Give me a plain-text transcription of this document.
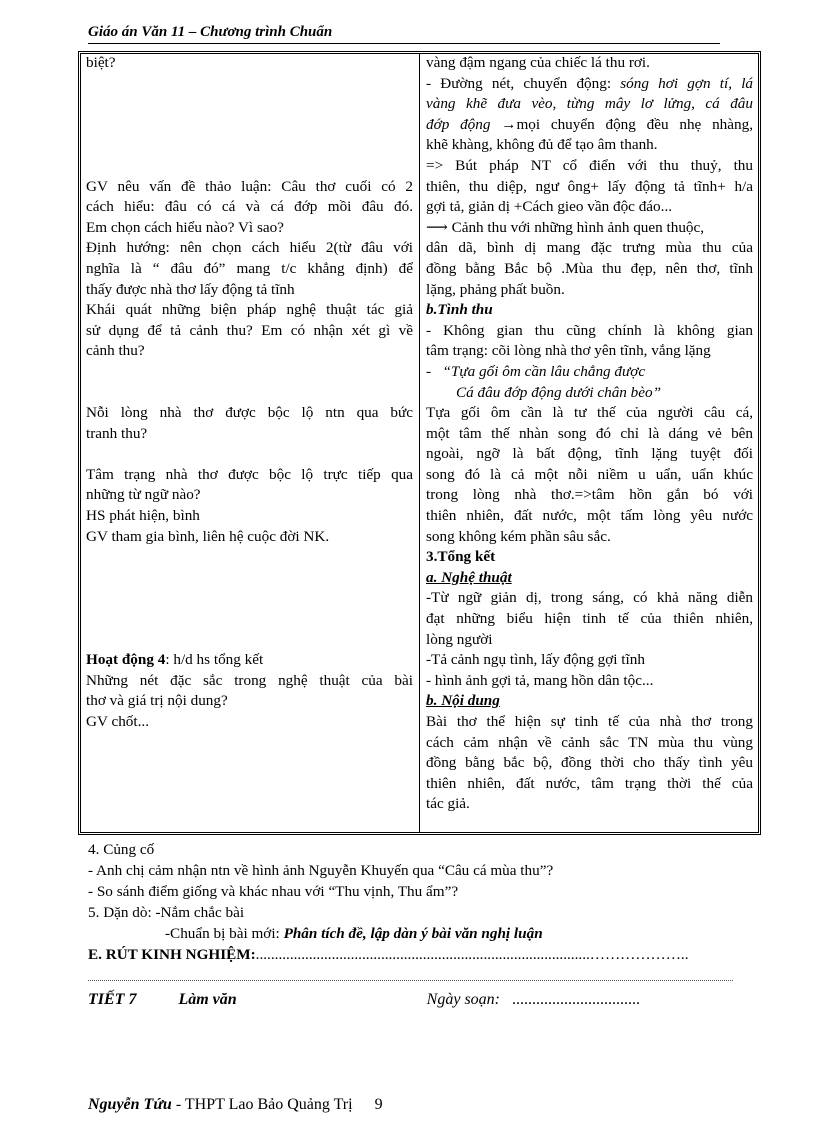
Giáo án Văn 11 – Chương trình Chuẩn
biệt?
GV nêu vấn đề thảo luận: Câu thơ cuối có 2
cách hiểu: đâu có cá và cá đớp mồi đâu đó.
Em chọn cách hiểu nào? Vì sao?
Định hướng: nên chọn cách hiểu 2(từ đâu với
nghĩa là “ đâu đó” mang t/c khẳng định) để
thấy được nhà thơ lấy động tả tĩnh
Khái quát những biện pháp nghệ thuật tác giả
sử dụng để tả cảnh thu? Em có nhận xét gì về
cảnh thu?
Nỗi lòng nhà thơ được bộc lộ ntn qua bức
tranh thu?
Tâm trạng nhà thơ được bộc lộ trực tiếp qua
những từ ngữ nào?
HS phát hiện, bình
GV tham gia bình, liên hệ cuộc đời NK.
Hoạt động 4: h/d hs tổng kết
Những nét đặc sắc trong nghệ thuật của bài
thơ và giá trị nội dung?
GV chốt...
vàng đậm ngang của chiếc lá thu rơi.
- Đường nét, chuyển động: sóng hơi gợn tí, lá
vàng khẽ đưa vèo, từng mây lơ lửng, cá đâu
đớp động →mọi chuyển động đều nhẹ nhàng,
khẽ khàng, không đủ để tạo âm thanh.
=> Bút pháp NT cổ điển với thu thuỷ, thu
thiên, thu diệp, ngư ông+ lấy động tả tĩnh+ h/a
gợi tả, giản dị +Cách gieo vần độc đáo...
⟶ Cảnh thu với những hình ảnh quen thuộc,
dân dã, bình dị mang đặc trưng mùa thu của
đồng bằng Bắc bộ .Mùa thu đẹp, nên thơ, tĩnh
lặng, phảng phất buồn.
b.Tình thu
- Không gian thu cũng chính là không gian
tâm trạng: cõi lòng nhà thơ yên tĩnh, vắng lặng
-   “Tựa gối ôm cần lâu chẳng được
Cá đâu đớp động dưới chân bèo”
Tựa gối ôm cần là tư thế của người câu cá,
một tâm thế nhàn song đó chỉ là dáng vẻ bên
ngoài, ngỡ là bất động, tĩnh lặng tuyệt đối
song đó là cả một nỗi niềm u uẩn, uẩn khúc
trong lòng nhà thơ.=>tâm hồn gắn bó với
thiên nhiên, đất nước, một tấm lòng yêu nước
song không kém phần sâu sắc.
3.Tổng kết
a. Nghệ thuật
-Từ ngữ giản dị, trong sáng, có khả năng diễn
đạt những biểu hiện tinh tế của thiên nhiên,
lòng người
-Tả cảnh ngụ tình, lấy động gợi tĩnh
- hình ảnh gợi tả, mang hồn dân tộc...
b. Nội dung
Bài thơ thể hiện sự tinh tế của nhà thơ trong
cách cảm nhận về cảnh sắc TN mùa thu vùng
đồng bằng bắc bộ, đồng thời cho thấy tình yêu
thiên nhiên, đất nước, tâm trạng thời thế của
tác giả.
4. Củng cố
- Anh chị cảm nhận ntn về hình ảnh Nguyễn Khuyến qua “Câu cá mùa thu”?
- So sánh điểm giống và khác nhau với “Thu vịnh, Thu ẩm”?
5. Dặn dò: -Nắm chắc bài
-Chuẩn bị bài mới: Phân tích đề, lập dàn ý bài văn nghị luận
E. RÚT KINH NGHIỆM:........................................................................................………………..
TIẾT 7	Làm văn	Ngày soạn: ................................
Nguyễn Tứu - THPT Lao Bảo Quảng Trị 9
